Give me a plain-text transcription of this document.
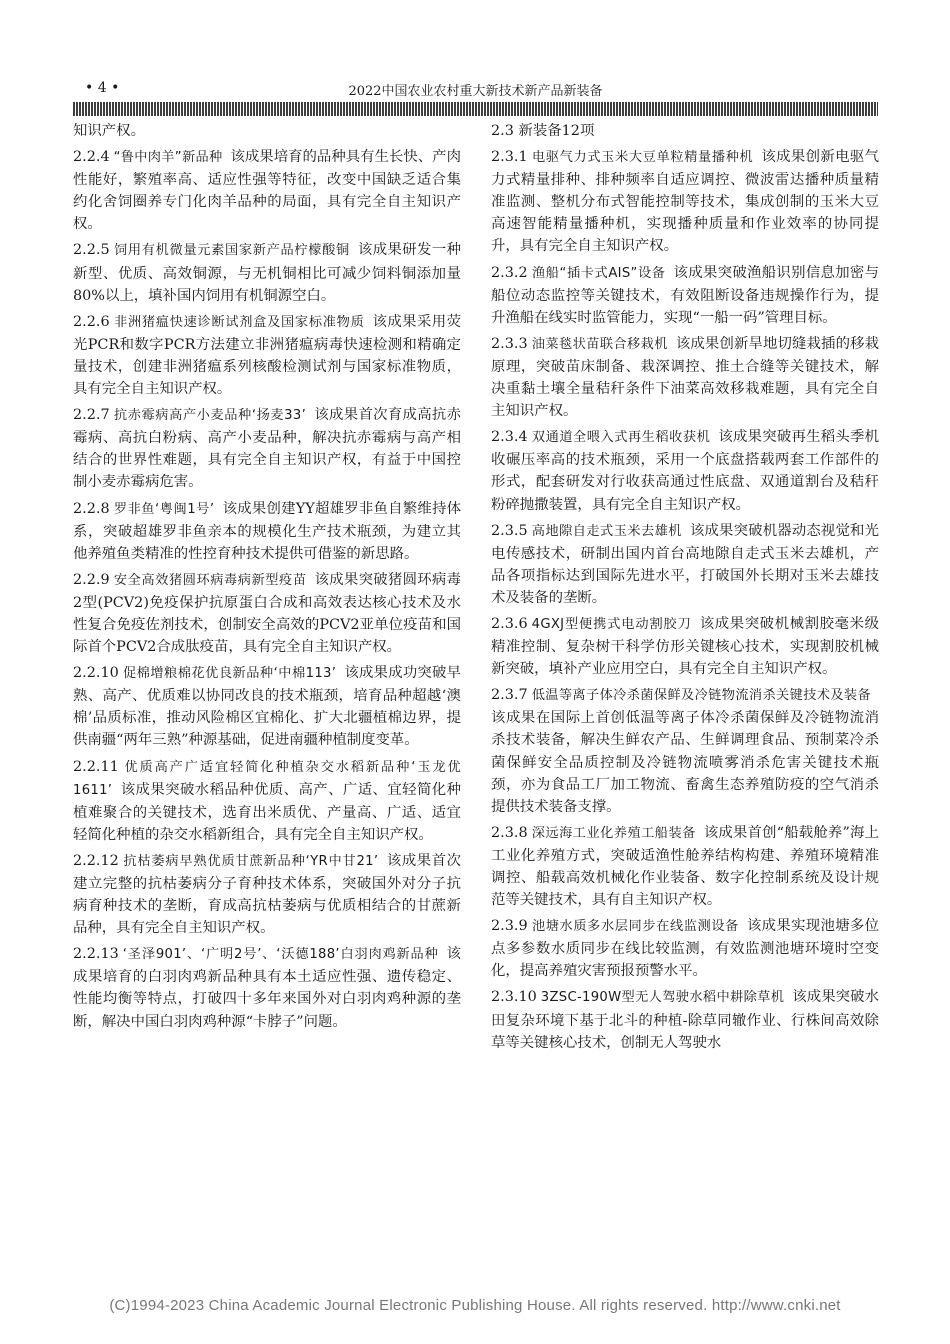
• 4 •	2022中国农业农村重大新技术新产品新装备

知识产权。

2.2.4 “鲁中肉羊”新品种 该成果培育的品种具有生长快、产肉性能好，繁殖率高、适应性强等特征，改变中国缺乏适合集约化舍饲圈养专门化肉羊品种的局面，具有完全自主知识产权。

2.2.5 饲用有机微量元素国家新产品柠檬酸铜 该成果研发一种新型、优质、高效铜源，与无机铜相比可减少饲料铜添加量80%以上，填补国内饲用有机铜源空白。

2.2.6 非洲猪瘟快速诊断试剂盒及国家标准物质 该成果采用荧光PCR和数字PCR方法建立非洲猪瘟病毒快速检测和精确定量技术，创建非洲猪瘟系列核酸检测试剂与国家标准物质，具有完全自主知识产权。

2.2.7 抗赤霉病高产小麦品种‘扬麦33’ 该成果首次育成高抗赤霉病、高抗白粉病、高产小麦品种，解决抗赤霉病与高产相结合的世界性难题，具有完全自主知识产权，有益于中国控制小麦赤霉病危害。

2.2.8 罗非鱼‘粤闽1号’ 该成果创建YY超雄罗非鱼自繁维持体系，突破超雄罗非鱼亲本的规模化生产技术瓶颈，为建立其他养殖鱼类精准的性控育种技术提供可借鉴的新思路。

2.2.9 安全高效猪圆环病毒病新型疫苗 该成果突破猪圆环病毒2型(PCV2)免疫保护抗原蛋白合成和高效表达核心技术及水性复合免疫佐剂技术，创制安全高效的PCV2亚单位疫苗和国际首个PCV2合成肽疫苗，具有完全自主知识产权。

2.2.10 促棉增粮棉花优良新品种‘中棉113’ 该成果成功突破早熟、高产、优质难以协同改良的技术瓶颈，培育品种超越‘澳棉’品质标准，推动风险棉区宜棉化、扩大北疆植棉边界，提供南疆“两年三熟”种源基础，促进南疆种植制度变革。

2.2.11 优质高产广适宜轻简化种植杂交水稻新品种‘玉龙优1611’ 该成果突破水稻品种优质、高产、广适、宜轻简化种植难聚合的关键技术，选育出米质优、产量高、广适、适宜轻简化种植的杂交水稻新组合，具有完全自主知识产权。

2.2.12 抗枯萎病早熟优质甘蔗新品种‘YR中甘21’ 该成果首次建立完整的抗枯萎病分子育种技术体系，突破国外对分子抗病育种技术的垄断，育成高抗枯萎病与优质相结合的甘蔗新品种，具有完全自主知识产权。

2.2.13 ‘圣泽901’、‘广明2号’、‘沃德188’白羽肉鸡新品种 该成果培育的白羽肉鸡新品种具有本土适应性强、遗传稳定、性能均衡等特点，打破四十多年来国外对白羽肉鸡种源的垄断，解决中国白羽肉鸡种源“卡脖子”问题。

2.3 新装备12项

2.3.1 电驱气力式玉米大豆单粒精量播种机 该成果创新电驱气力式精量排种、排种频率自适应调控、微波雷达播种质量精准监测、整机分布式智能控制等技术，集成创制的玉米大豆高速智能精量播种机，实现播种质量和作业效率的协同提升，具有完全自主知识产权。

2.3.2 渔船“插卡式AIS”设备 该成果突破渔船识别信息加密与船位动态监控等关键技术，有效阻断设备违规操作行为，提升渔船在线实时监管能力，实现“一船一码”管理目标。

2.3.3 油菜毯状苗联合移栽机 该成果创新旱地切缝栽插的移栽原理，突破苗床制备、栽深调控、推土合缝等关键技术，解决重黏土壤全量秸秆条件下油菜高效移栽难题，具有完全自主知识产权。

2.3.4 双通道全喂入式再生稻收获机 该成果突破再生稻头季机收碾压率高的技术瓶颈，采用一个底盘搭载两套工作部件的形式，配套研发对行收获高通过性底盘、双通道割台及秸秆粉碎抛撒装置，具有完全自主知识产权。

2.3.5 高地隙自走式玉米去雄机 该成果突破机器动态视觉和光电传感技术，研制出国内首台高地隙自走式玉米去雄机，产品各项指标达到国际先进水平，打破国外长期对玉米去雄技术及装备的垄断。

2.3.6 4GXJ型便携式电动割胶刀 该成果突破机械割胶毫米级精准控制、复杂树干科学仿形关键核心技术，实现割胶机械新突破，填补产业应用空白，具有完全自主知识产权。

2.3.7 低温等离子体冷杀菌保鲜及冷链物流消杀关键技术及装备该成果在国际上首创低温等离子体冷杀菌保鲜及冷链物流消杀技术装备，解决生鲜农产品、生鲜调理食品、预制菜冷杀菌保鲜安全品质控制及冷链物流喷雾消杀危害关键技术瓶颈，亦为食品工厂加工物流、畜禽生态养殖防疫的空气消杀提供技术装备支撑。

2.3.8 深远海工业化养殖工船装备 该成果首创“船载舱养”海上工业化养殖方式，突破适渔性舱养结构构建、养殖环境精准调控、船载高效机械化作业装备、数字化控制系统及设计规范等关键技术，具有自主知识产权。

2.3.9 池塘水质多水层同步在线监测设备 该成果实现池塘多位点多参数水质同步在线比较监测，有效监测池塘环境时空变化，提高养殖灾害预报预警水平。

2.3.10 3ZSC-190W型无人驾驶水稻中耕除草机 该成果突破水田复杂环境下基于北斗的种植-除草同辙作业、行株间高效除草等关键核心技术，创制无人驾驶水

(C)1994-2023 China Academic Journal Electronic Publishing House. All rights reserved. http://www.cnki.net
